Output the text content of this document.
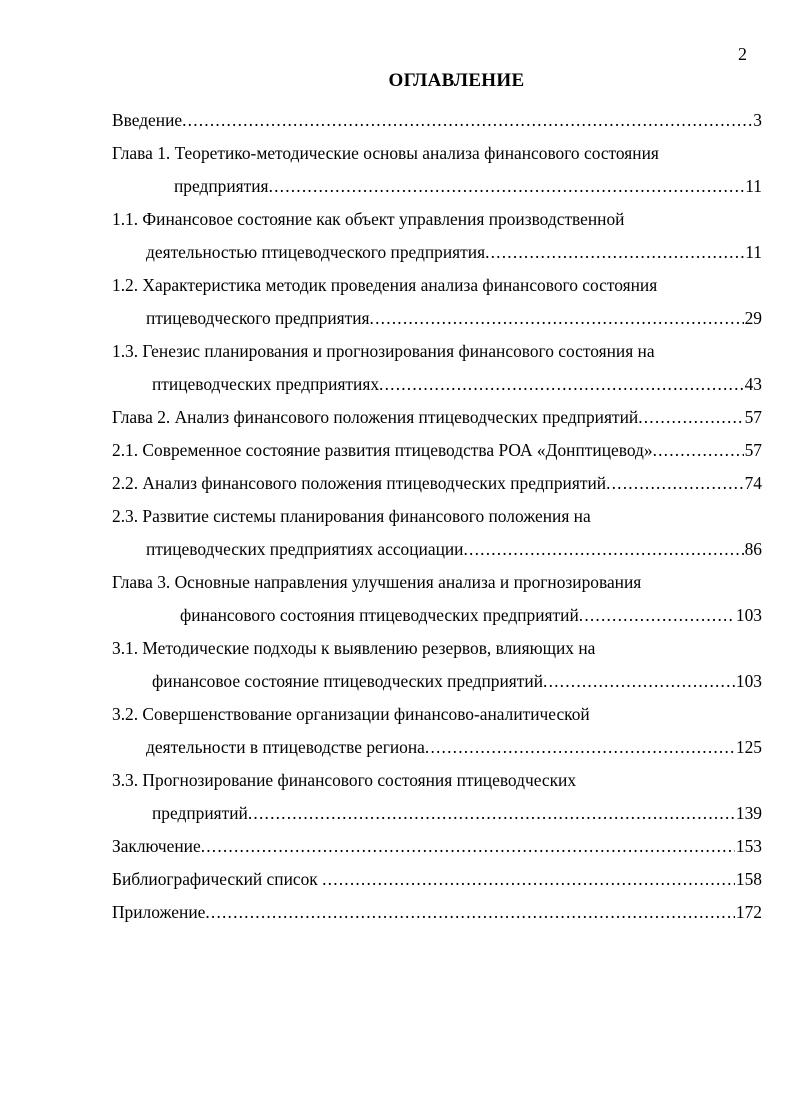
2
ОГЛАВЛЕНИЕ
Введение .....	3
Глава 1. Теоретико-методические основы анализа финансового состояния
предприятия .....	11
1.1. Финансовое состояние как объект управления производственной
деятельностью птицеводческого предприятия .....	11
1.2. Характеристика методик проведения анализа финансового состояния
птицеводческого предприятия .....	29
1.3. Генезис планирования и прогнозирования финансового состояния на
птицеводческих предприятиях .....	43
Глава 2. Анализ финансового положения птицеводческих предприятий .....	57
2.1. Современное состояние развития птицеводства РОА «Донптицевод» .....	57
2.2. Анализ финансового положения птицеводческих предприятий .....	74
2.3. Развитие системы планирования финансового положения на
птицеводческих предприятиях ассоциации .....	86
Глава 3. Основные направления улучшения анализа и прогнозирования
финансового состояния птицеводческих предприятий .....	103
3.1. Методические подходы к выявлению резервов, влияющих на
финансовое состояние птицеводческих предприятий .....	103
3.2. Совершенствование организации финансово-аналитической
деятельности в птицеводстве региона .....	125
3.3. Прогнозирование финансового состояния птицеводческих
предприятий .....	139
Заключение .....	153
Библиографический список .....	158
Приложение .....	172
